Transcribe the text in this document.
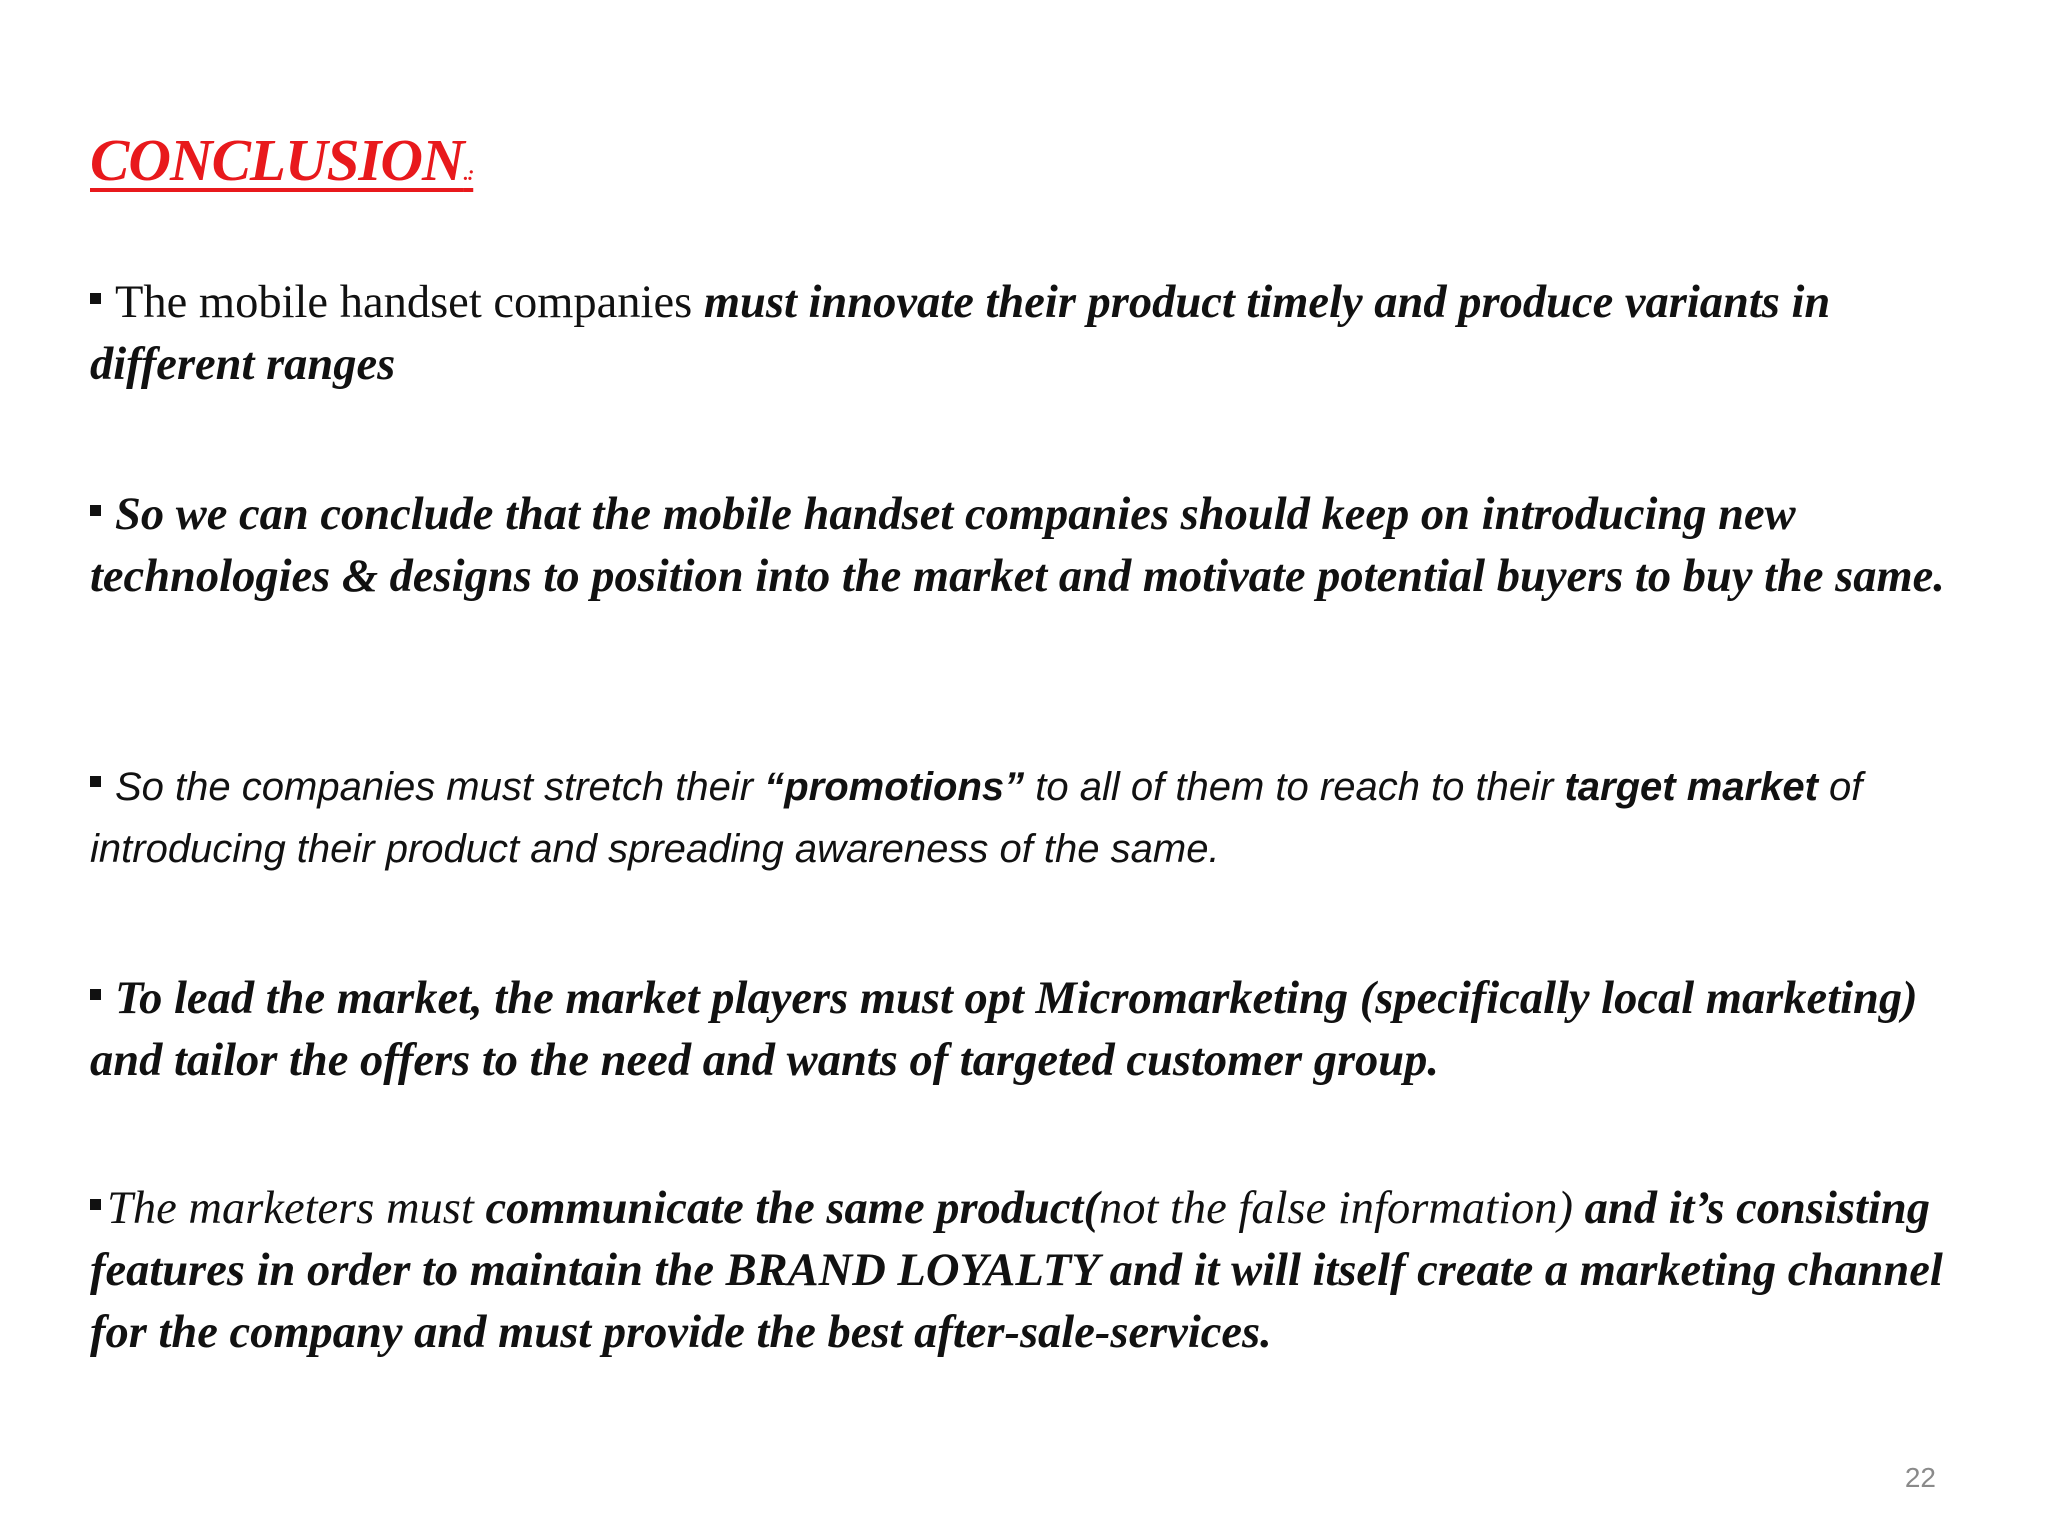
CONCLUSION.:

The mobile handset companies must innovate their product timely and produce variants in different ranges

So we can conclude that the mobile handset companies should keep on introducing new technologies & designs to position into the market and motivate potential buyers to buy the same.

So the companies must stretch their “promotions” to all of them to reach to their target market of introducing their product and spreading awareness of the same.

To lead the market, the market players must opt Micromarketing (specifically local marketing) and tailor the offers to the need and wants of targeted customer group.

The marketers must communicate the same product(not the false information) and it’s consisting features in order to maintain the BRAND LOYALTY and it will itself create a marketing channel for the company and must provide the best after-sale-services.

22
